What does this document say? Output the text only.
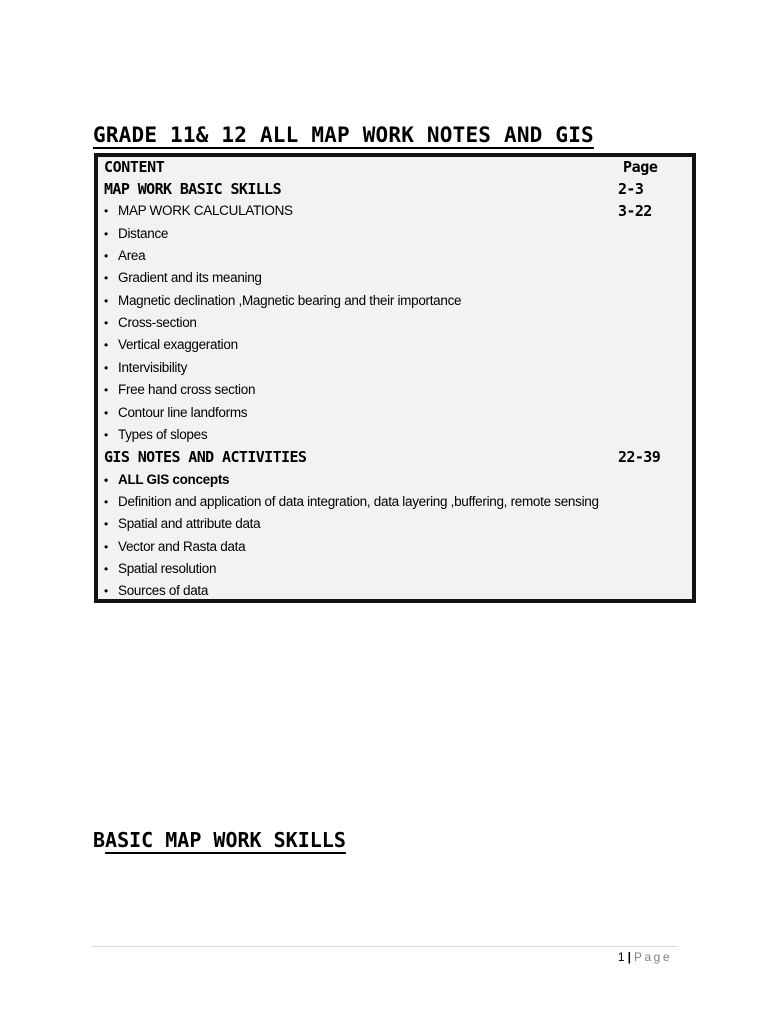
GRADE 11& 12 ALL MAP WORK NOTES AND GIS
CONTENT	Page
MAP WORK BASIC SKILLS	2-3
• MAP WORK CALCULATIONS	3-22
• Distance
• Area
• Gradient and its meaning
• Magnetic declination ,Magnetic bearing and their importance
• Cross-section
• Vertical exaggeration
• Intervisibility
• Free hand cross section
• Contour line landforms
• Types of slopes
GIS NOTES AND ACTIVITIES	22-39
• ALL GIS concepts
• Definition and application of data integration, data layering ,buffering, remote sensing
• Spatial and attribute data
• Vector and Rasta data
• Spatial resolution
• Sources of data
BASIC MAP WORK SKILLS
1 | Page
